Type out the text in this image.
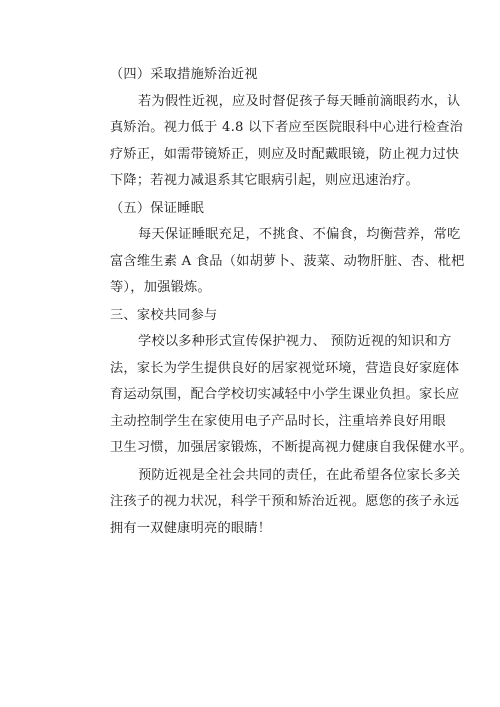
（四）采取措施矫治近视

若为假性近视，应及时督促孩子每天睡前滴眼药水，认
真矫治。视力低于 4.8 以下者应至医院眼科中心进行检查治
疗矫正，如需带镜矫正，则应及时配戴眼镜，防止视力过快
下降；若视力减退系其它眼病引起，则应迅速治疗。

（五）保证睡眠

每天保证睡眠充足，不挑食、不偏食，均衡营养，常吃
富含维生素 A 食品（如胡萝卜、菠菜、动物肝脏、杏、枇杷
等），加强锻炼。

三、家校共同参与

学校以多种形式宣传保护视力、 预防近视的知识和方
法，家长为学生提供良好的居家视觉环境，营造良好家庭体
育运动氛围，配合学校切实减轻中小学生课业负担。家长应
主动控制学生在家使用电子产品时长，注重培养良好用眼
卫生习惯，加强居家锻炼，不断提高视力健康自我保健水平。
预防近视是全社会共同的责任，在此希望各位家长多关
注孩子的视力状况，科学干预和矫治近视。愿您的孩子永远
拥有一双健康明亮的眼睛！
